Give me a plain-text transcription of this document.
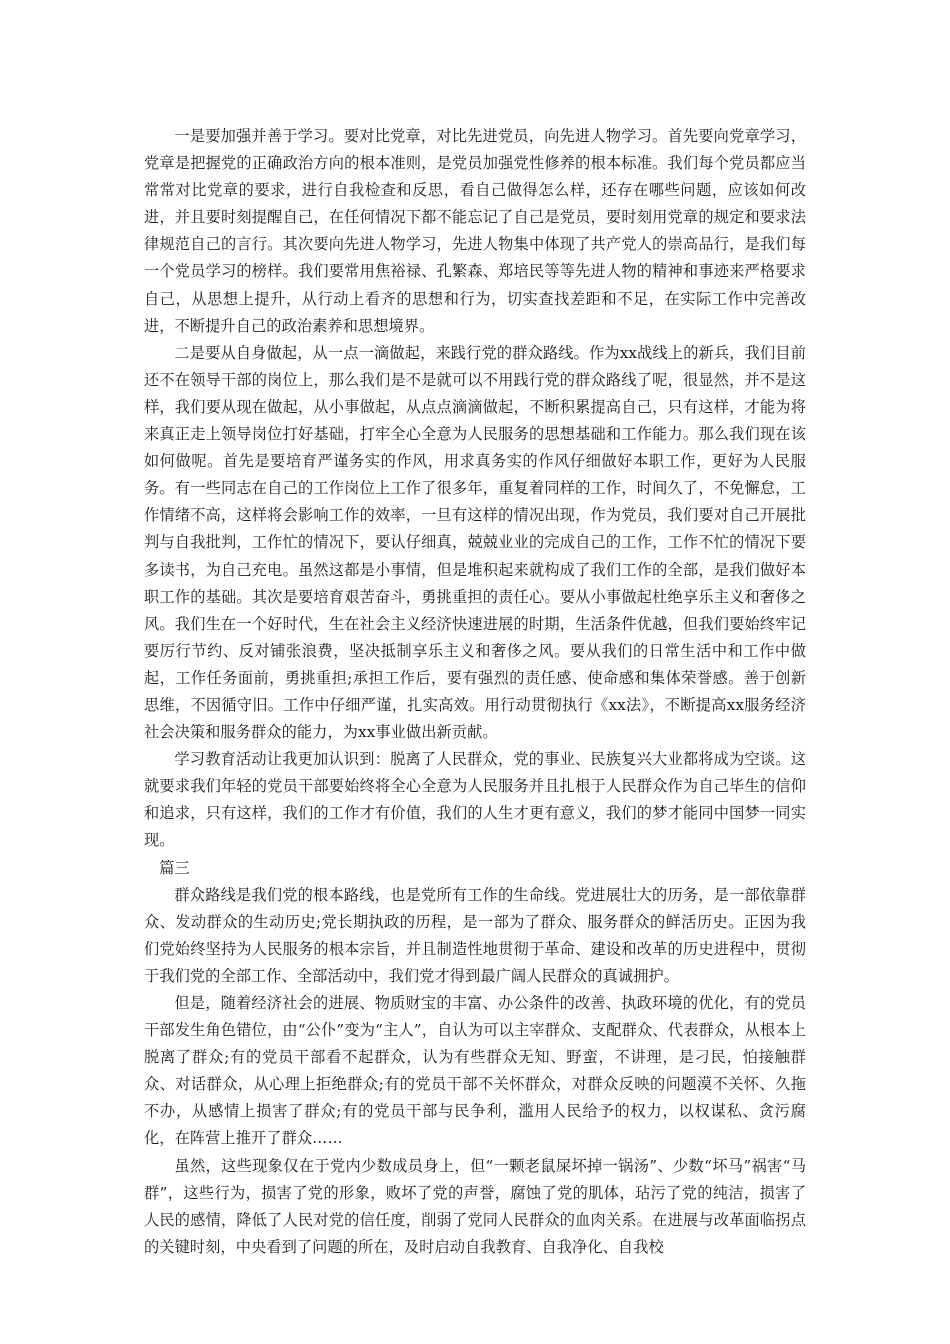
一是要加强并善于学习。要对比党章，对比先进党员，向先进人物学习。首先要向党章学习，党章是把握党的正确政治方向的根本准则，是党员加强党性修养的根本标准。我们每个党员都应当常常对比党章的要求，进行自我检查和反思，看自己做得怎么样，还存在哪些问题，应该如何改进，并且要时刻提醒自己，在任何情况下都不能忘记了自己是党员，要时刻用党章的规定和要求法律规范自己的言行。其次要向先进人物学习，先进人物集中体现了共产党人的崇高品行，是我们每一个党员学习的榜样。我们要常用焦裕禄、孔繁森、郑培民等等先进人物的精神和事迹来严格要求自己，从思想上提升，从行动上看齐的思想和行为，切实查找差距和不足，在实际工作中完善改进，不断提升自己的政治素养和思想境界。

二是要从自身做起，从一点一滴做起，来践行党的群众路线。作为xx战线上的新兵，我们目前还不在领导干部的岗位上，那么我们是不是就可以不用践行党的群众路线了呢，很显然，并不是这样，我们要从现在做起，从小事做起，从点点滴滴做起，不断积累提高自己，只有这样，才能为将来真正走上领导岗位打好基础，打牢全心全意为人民服务的思想基础和工作能力。那么我们现在该如何做呢。首先是要培育严谨务实的作风，用求真务实的作风仔细做好本职工作，更好为人民服务。有一些同志在自己的工作岗位上工作了很多年，重复着同样的工作，时间久了，不免懈怠，工作情绪不高，这样将会影响工作的效率，一旦有这样的情况出现，作为党员，我们要对自己开展批判与自我批判，工作忙的情况下，要认仔细真，兢兢业业的完成自己的工作，工作不忙的情况下要多读书，为自己充电。虽然这都是小事情，但是堆积起来就构成了我们工作的全部，是我们做好本职工作的基础。其次是要培育艰苦奋斗，勇挑重担的责任心。要从小事做起杜绝享乐主义和奢侈之风。我们生在一个好时代，生在社会主义经济快速进展的时期，生活条件优越，但我们要始终牢记要厉行节约、反对铺张浪费，坚决抵制享乐主义和奢侈之风。要从我们的日常生活中和工作中做起，工作任务面前，勇挑重担;承担工作后，要有强烈的责任感、使命感和集体荣誉感。善于创新思维，不因循守旧。工作中仔细严谨，扎实高效。用行动贯彻执行《xx法》，不断提高xx服务经济社会决策和服务群众的能力，为xx事业做出新贡献。

学习教育活动让我更加认识到：脱离了人民群众，党的事业、民族复兴大业都将成为空谈。这就要求我们年轻的党员干部要始终将全心全意为人民服务并且扎根于人民群众作为自己毕生的信仰和追求，只有这样，我们的工作才有价值，我们的人生才更有意义，我们的梦才能同中国梦一同实现。

篇三

群众路线是我们党的根本路线，也是党所有工作的生命线。党进展壮大的历务，是一部依靠群众、发动群众的生动历史;党长期执政的历程，是一部为了群众、服务群众的鲜活历史。正因为我们党始终坚持为人民服务的根本宗旨，并且制造性地贯彻于革命、建设和改革的历史进程中，贯彻于我们党的全部工作、全部活动中，我们党才得到最广阔人民群众的真诚拥护。

但是，随着经济社会的进展、物质财宝的丰富、办公条件的改善、执政环境的优化，有的党员干部发生角色错位，由“公仆”变为“主人”，自认为可以主宰群众、支配群众、代表群众，从根本上脱离了群众;有的党员干部看不起群众，认为有些群众无知、野蛮，不讲理，是刁民，怕接触群众、对话群众，从心理上拒绝群众;有的党员干部不关怀群众，对群众反映的问题漠不关怀、久拖不办，从感情上损害了群众;有的党员干部与民争利，滥用人民给予的权力，以权谋私、贪污腐化，在阵营上推开了群众……

虽然，这些现象仅在于党内少数成员身上，但“一颗老鼠屎坏掉一锅汤”、少数“坏马”祸害“马群”，这些行为，损害了党的形象，败坏了党的声誉，腐蚀了党的肌体，玷污了党的纯洁，损害了人民的感情，降低了人民对党的信任度，削弱了党同人民群众的血肉关系。在进展与改革面临拐点的关键时刻，中央看到了问题的所在，及时启动自我教育、自我净化、自我校
